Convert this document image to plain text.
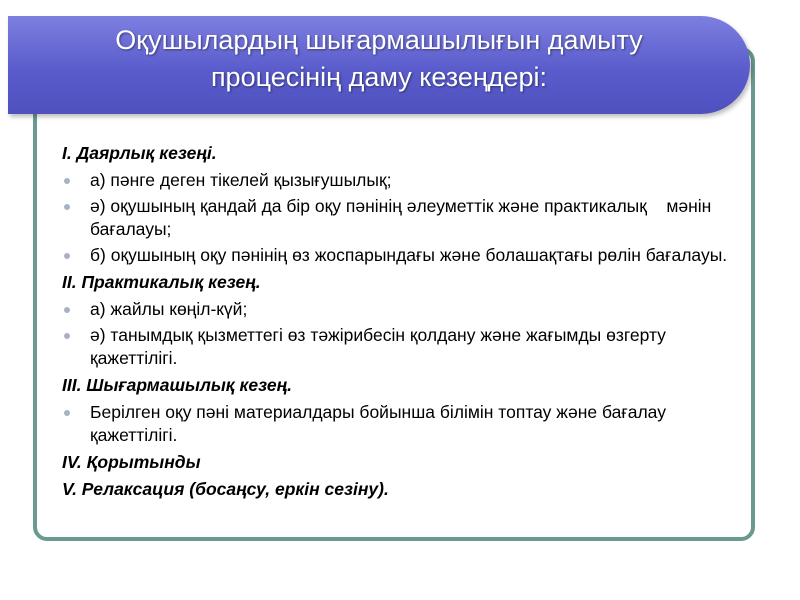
Оқушылардың шығармашылығын дамыту
процесінің даму кезеңдері:
I. Даярлық кезеңі.
а) пәнге деген тікелей қызығушылық;
ә) оқушының қандай да бір оқу пәнінің әлеуметтік және практикалық    мәнін бағалауы;
б) оқушының оқу пәнінің өз жоспарындағы және болашақтағы рөлін бағалауы.
II. Практикалық кезең.
а) жайлы көңіл-күй;
ә) танымдық қызметтегі өз тәжірибесін қолдану және жағымды өзгерту қажеттілігі.
III. Шығармашылық кезең.
Берілген оқу пәні материалдары бойынша білімін топтау және бағалау қажеттілігі.
IV. Қорытынды
V. Релаксация (босаңсу, еркін сезіну).
